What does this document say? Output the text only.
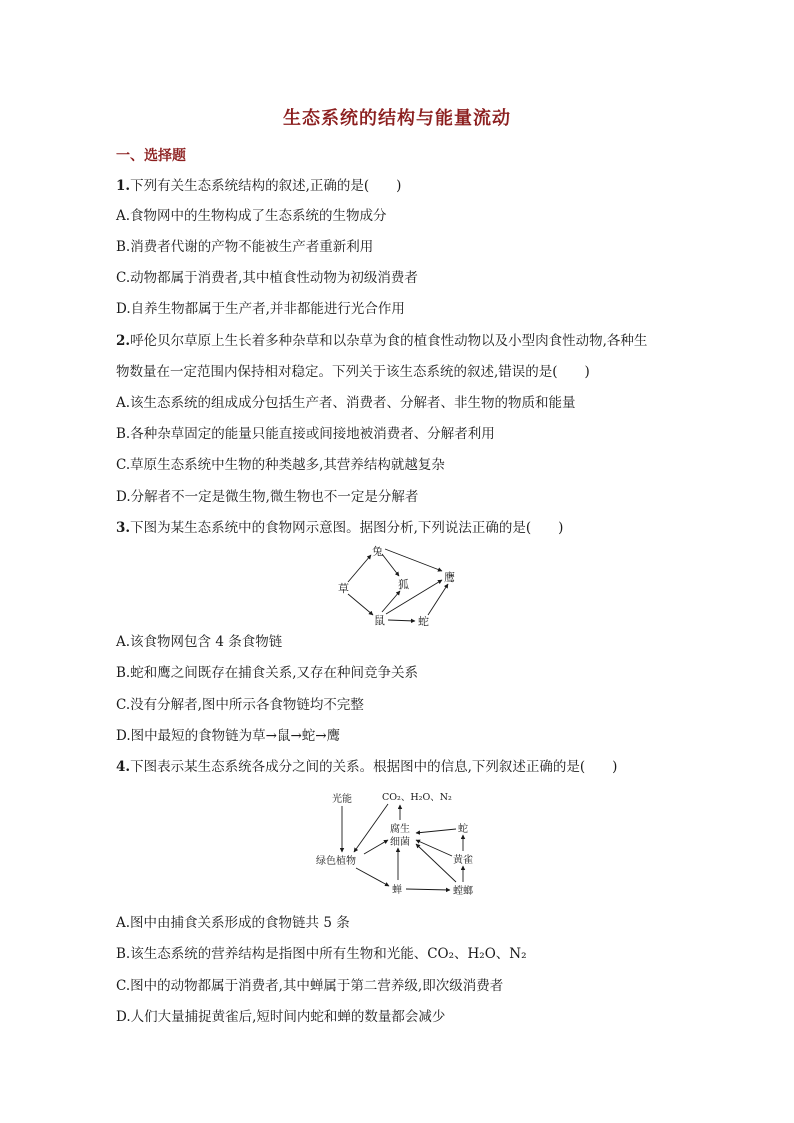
生态系统的结构与能量流动
一、选择题
1.下列有关生态系统结构的叙述,正确的是(　　)
A.食物网中的生物构成了生态系统的生物成分
B.消费者代谢的产物不能被生产者重新利用
C.动物都属于消费者,其中植食性动物为初级消费者
D.自养生物都属于生产者,并非都能进行光合作用
2.呼伦贝尔草原上生长着多种杂草和以杂草为食的植食性动物以及小型肉食性动物,各种生
物数量在一定范围内保持相对稳定。下列关于该生态系统的叙述,错误的是(　　)
A.该生态系统的组成成分包括生产者、消费者、分解者、非生物的物质和能量
B.各种杂草固定的能量只能直接或间接地被消费者、分解者利用
C.草原生态系统中生物的种类越多,其营养结构就越复杂
D.分解者不一定是微生物,微生物也不一定是分解者
3.下图为某生态系统中的食物网示意图。据图分析,下列说法正确的是(　　)
兔
草	狐
鹰
鼠	蛇
A.该食物网包含 4 条食物链
B.蛇和鹰之间既存在捕食关系,又存在种间竞争关系
C.没有分解者,图中所示各食物链均不完整
D.图中最短的食物链为草→鼠→蛇→鹰
4.下图表示某生态系统各成分之间的关系。根据图中的信息,下列叙述正确的是(　　)
光能	CO₂、H₂O、N₂
腐生
细菌
蛇
黄雀
绿色植物
蝉	螳螂
A.图中由捕食关系形成的食物链共 5 条
B.该生态系统的营养结构是指图中所有生物和光能、CO₂、H₂O、N₂
C.图中的动物都属于消费者,其中蝉属于第二营养级,即次级消费者
D.人们大量捕捉黄雀后,短时间内蛇和蝉的数量都会减少
